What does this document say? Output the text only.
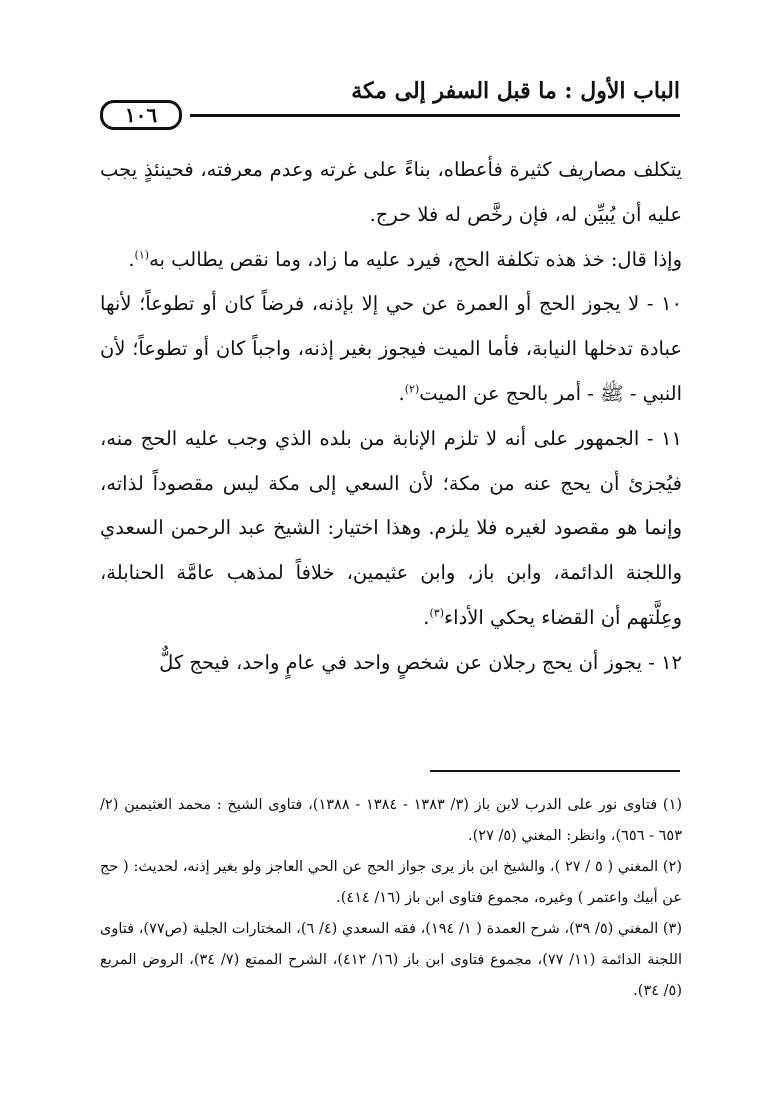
الباب الأول : ما قبل السفر إلى مكة
١٠٦

يتكلف مصاريف كثيرة فأعطاه، بناءً على غرته وعدم معرفته، فحينئذٍ يجب عليه أن يُبيِّن له، فإن رخَّص له فلا حرج.

وإذا قال: خذ هذه تكلفة الحج، فيرد عليه ما زاد، وما نقص يطالب به$^{(١)}$.

١٠ - لا يجوز الحج أو العمرة عن حي إلا بإذنه، فرضاً كان أو تطوعاً؛ لأنها عبادة تدخلها النيابة، فأما الميت فيجوز بغير إذنه، واجباً كان أو تطوعاً؛ لأن النبي - ﷺ - أمر بالحج عن الميت$^{(٢)}$.

١١ - الجمهور على أنه لا تلزم الإنابة من بلده الذي وجب عليه الحج منه، فيُجزئ أن يحج عنه من مكة؛ لأن السعي إلى مكة ليس مقصوداً لذاته، وإنما هو مقصود لغيره فلا يلزم. وهذا اختيار: الشيخ عبد الرحمن السعدي واللجنة الدائمة، وابن باز، وابن عثيمين، خلافاً لمذهب عامَّة الحنابلة، وعِلَّتهم أن القضاء يحكي الأداء$^{(٣)}$.

١٢ - يجوز أن يحج رجلان عن شخصٍ واحد في عامٍ واحد، فيحج كلٌّ

(١) فتاوى نور على الدرب لابن باز (٣/ ١٣٨٣ - ١٣٨٤ - ١٣٨٨)، فتاوى الشيخ : محمد العثيمين (٢/ ٦٥٣ - ٦٥٦)، وانظر: المغني (٥/ ٢٧).

(٢) المغني ( ٥ / ٢٧ )، والشيخ ابن باز يرى جواز الحج عن الحي العاجز ولو بغير إذنه، لحديث: ( حج عن أبيك واعتمر ) وغيره، مجموع فتاوى ابن باز (١٦/ ٤١٤).

(٣) المغني (٥/ ٣٩)، شرح العمدة ( ١/ ١٩٤)، فقه السعدي (٤/ ٦)، المختارات الجلية (ص٧٧)، فتاوى اللجنة الدائمة (١١/ ٧٧)، مجموع فتاوى ابن باز (١٦/ ٤١٢)، الشرح الممتع (٧/ ٣٤)، الروض المربع (٥/ ٣٤).
